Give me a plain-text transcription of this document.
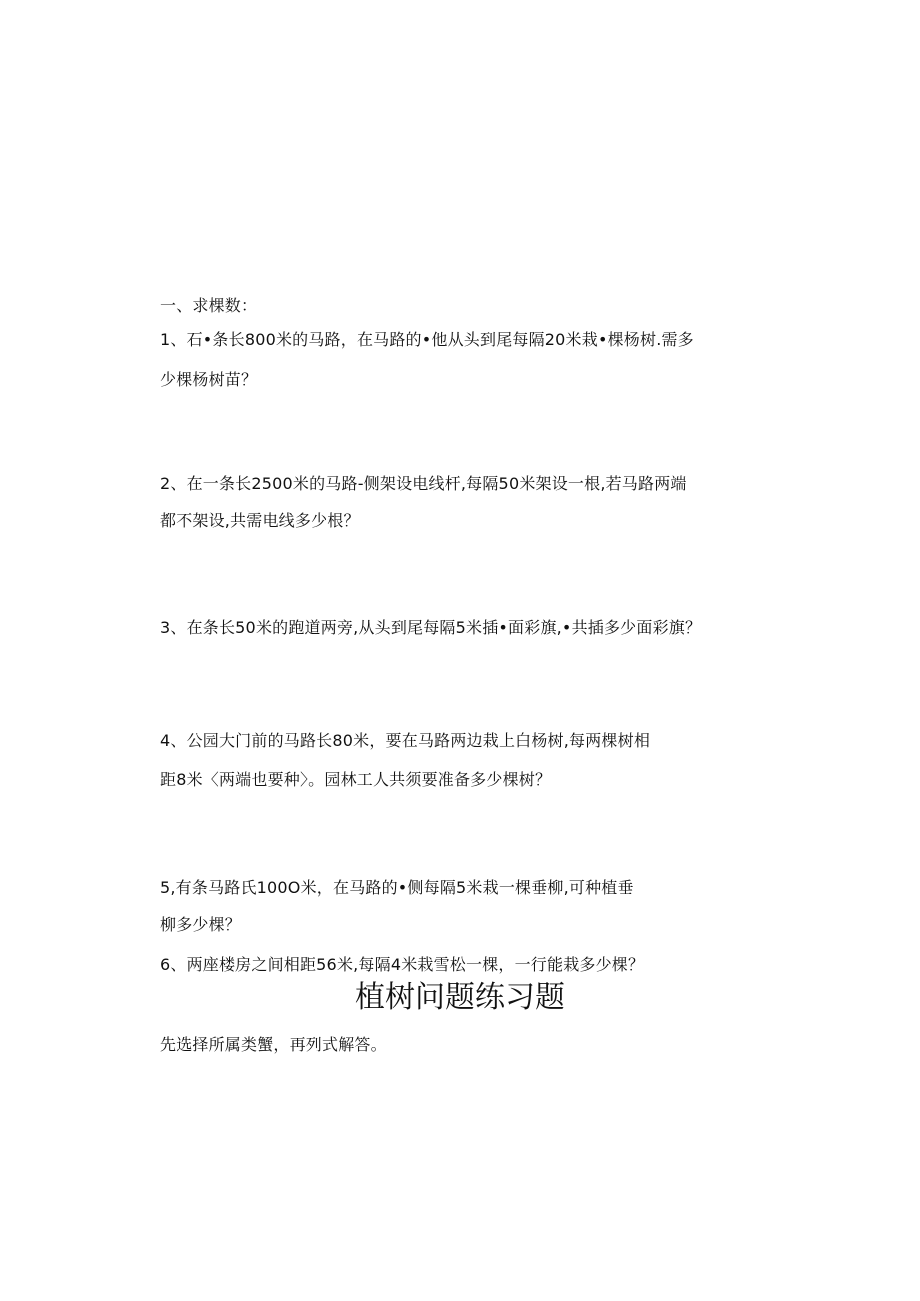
一、求棵数：
1、石•条长800米的马路，在马路的•他从头到尾每隔20米栽•棵杨树.需多
少棵杨树苗？
2、在一条长2500米的马路-侧架设电线杆,每隔50米架设一根,若马路两端
都不架设,共需电线多少根？
3、在条长50米的跑道两旁,从头到尾每隔5米插•面彩旗,•共插多少面彩旗？
4、公园大门前的马路长80米，要在马路两边栽上白杨树,每两棵树相
距8米〈两端也要种〉。园林工人共须要准备多少棵树？
5,有条马路氏100O米，在马路的•侧每隔5米栽一棵垂柳,可种植垂
柳多少棵？
6、两座楼房之间相距56米,每隔4米栽雪松一棵，一行能栽多少棵？
植树问题练习题
先选择所属类蟹，再列式解答。
